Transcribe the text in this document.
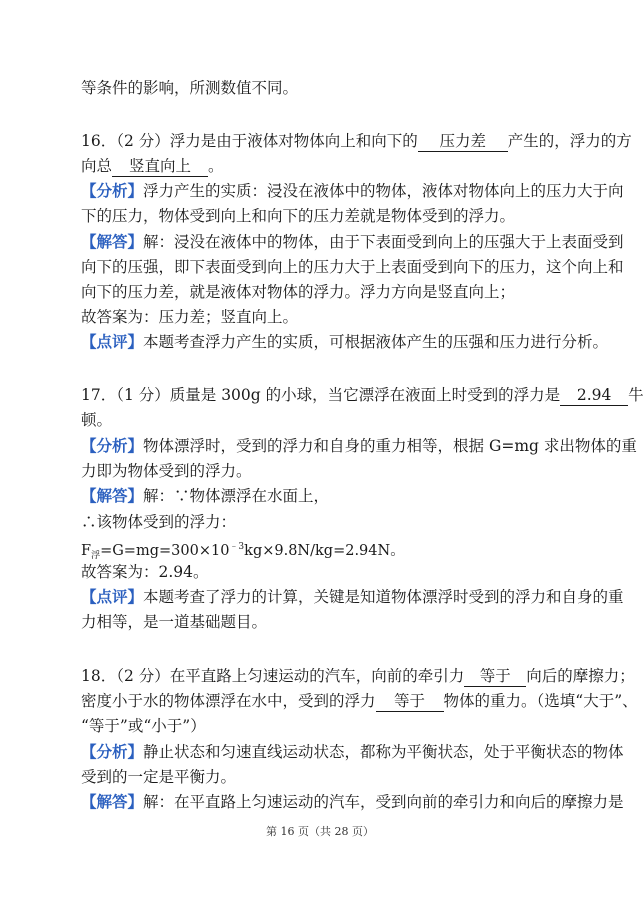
等条件的影响，所测数值不同。
16．（2 分）浮力是由于液体对物体向上和向下的 压力差 产生的，浮力的方
向总 竖直向上 。
【分析】浮力产生的实质：浸没在液体中的物体，液体对物体向上的压力大于向
下的压力，物体受到向上和向下的压力差就是物体受到的浮力。
【解答】解：浸没在液体中的物体，由于下表面受到向上的压强大于上表面受到
向下的压强，即下表面受到向上的压力大于上表面受到向下的压力，这个向上和
向下的压力差，就是液体对物体的浮力。浮力方向是竖直向上；
故答案为：压力差；竖直向上。
【点评】本题考查浮力产生的实质，可根据液体产生的压强和压力进行分析。
17．（1 分）质量是 300g 的小球，当它漂浮在液面上时受到的浮力是 2.94 牛
顿。
【分析】物体漂浮时，受到的浮力和自身的重力相等，根据 G=mg 求出物体的重
力即为物体受到的浮力。
【解答】解：∵物体漂浮在水面上，
∴该物体受到的浮力：
$F_浮=G=mg=300\times 10^{﹣3}kg\times 9.8N/kg=2.94N$。
故答案为：2.94。
【点评】本题考查了浮力的计算，关键是知道物体漂浮时受到的浮力和自身的重
力相等，是一道基础题目。
18．（2 分）在平直路上匀速运动的汽车，向前的牵引力 等于 向后的摩擦力；
密度小于水的物体漂浮在水中，受到的浮力 等于 物体的重力。（选填“大于”、
“等于”或“小于”）
【分析】静止状态和匀速直线运动状态，都称为平衡状态，处于平衡状态的物体
受到的一定是平衡力。
【解答】解：在平直路上匀速运动的汽车，受到向前的牵引力和向后的摩擦力是
第 16 页（共 28 页）
